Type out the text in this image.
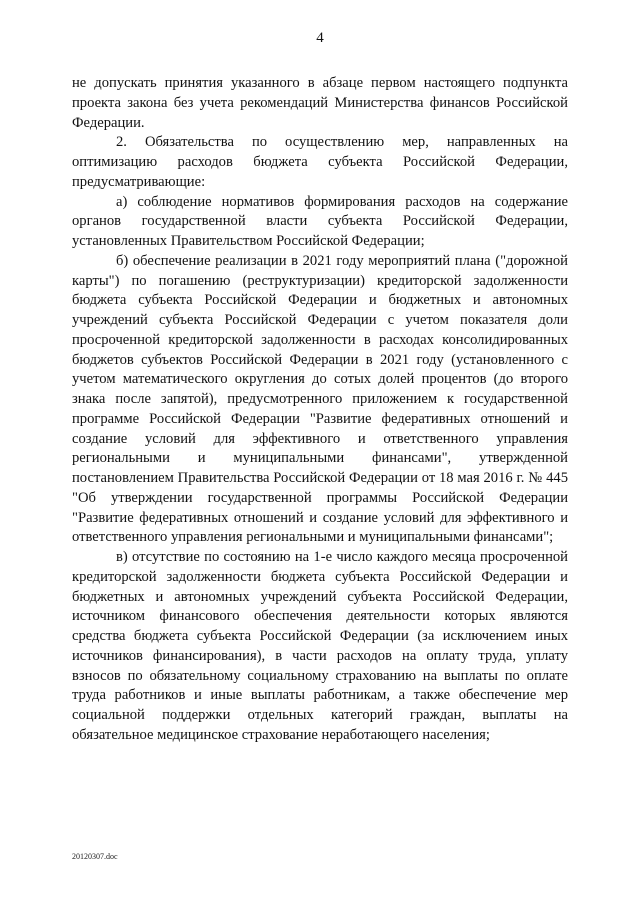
4

не допускать принятия указанного в абзаце первом настоящего подпункта проекта закона без учета рекомендаций Министерства финансов Российской Федерации.

2. Обязательства по осуществлению мер, направленных на оптимизацию расходов бюджета субъекта Российской Федерации, предусматривающие:

а) соблюдение нормативов формирования расходов на содержание органов государственной власти субъекта Российской Федерации, установленных Правительством Российской Федерации;

б) обеспечение реализации в 2021 году мероприятий плана ("дорожной карты") по погашению (реструктуризации) кредиторской задолженности бюджета субъекта Российской Федерации и бюджетных и автономных учреждений субъекта Российской Федерации с учетом показателя доли просроченной кредиторской задолженности в расходах консолидированных бюджетов субъектов Российской Федерации в 2021 году (установленного с учетом математического округления до сотых долей процентов (до второго знака после запятой), предусмотренного приложением к государственной программе Российской Федерации "Развитие федеративных отношений и создание условий для эффективного и ответственного управления региональными и муниципальными финансами", утвержденной постановлением Правительства Российской Федерации от 18 мая 2016 г. № 445 "Об утверждении государственной программы Российской Федерации "Развитие федеративных отношений и создание условий для эффективного и ответственного управления региональными и муниципальными финансами";

в) отсутствие по состоянию на 1-е число каждого месяца просроченной кредиторской задолженности бюджета субъекта Российской Федерации и бюджетных и автономных учреждений субъекта Российской Федерации, источником финансового обеспечения деятельности которых являются средства бюджета субъекта Российской Федерации (за исключением иных источников финансирования), в части расходов на оплату труда, уплату взносов по обязательному социальному страхованию на выплаты по оплате труда работников и иные выплаты работникам, а также обеспечение мер социальной поддержки отдельных категорий граждан, выплаты на обязательное медицинское страхование неработающего населения;

20120307.doc
